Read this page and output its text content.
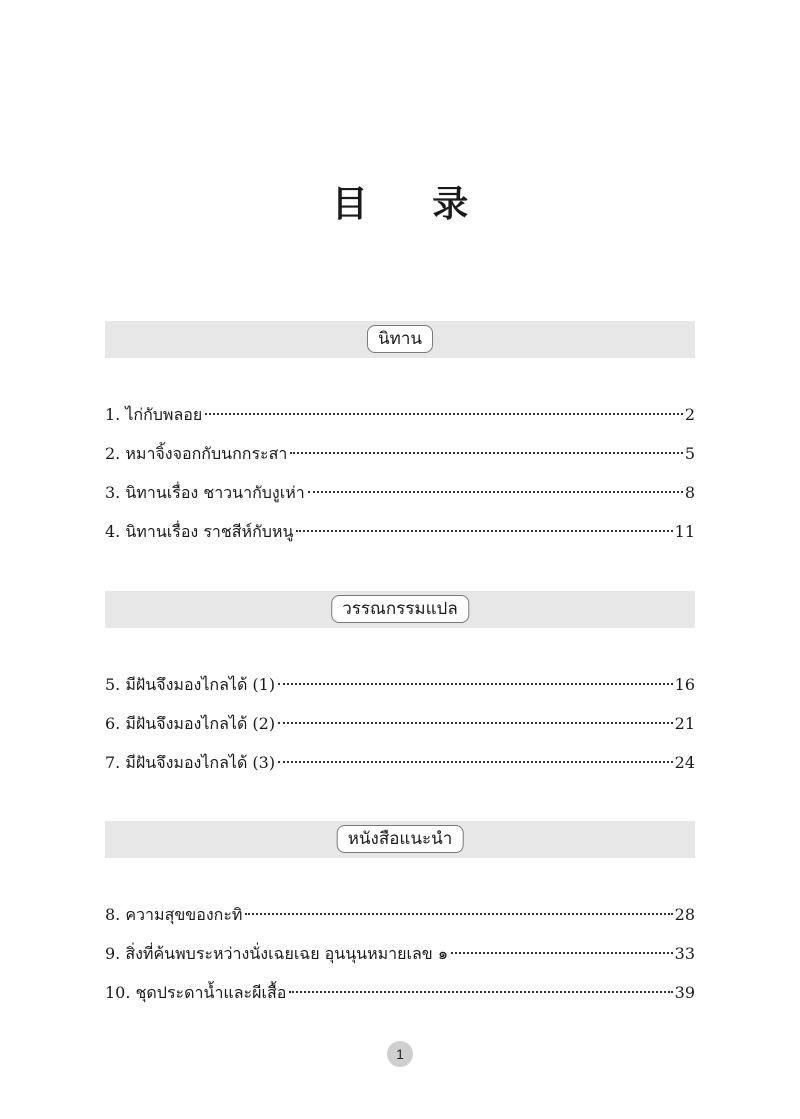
目 录
นิทาน
1. ไก่กับพลอย	2
2. หมาจิ้งจอกกับนกกระสา	5
3. นิทานเรื่อง ชาวนากับงูเห่า	8
4. นิทานเรื่อง ราชสีห์กับหนู	11
วรรณกรรมแปล
5. มีฝันจึงมองไกลได้ (1)	16
6. มีฝันจึงมองไกลได้ (2)	21
7. มีฝันจึงมองไกลได้ (3)	24
หนังสือแนะนำ
8. ความสุขของกะทิ	28
9. สิ่งที่ค้นพบระหว่างนั่งเฉยเฉย อุนนุนหมายเลข ๑	33
10. ชุดประดาน้ำและผีเสื้อ	39
1
